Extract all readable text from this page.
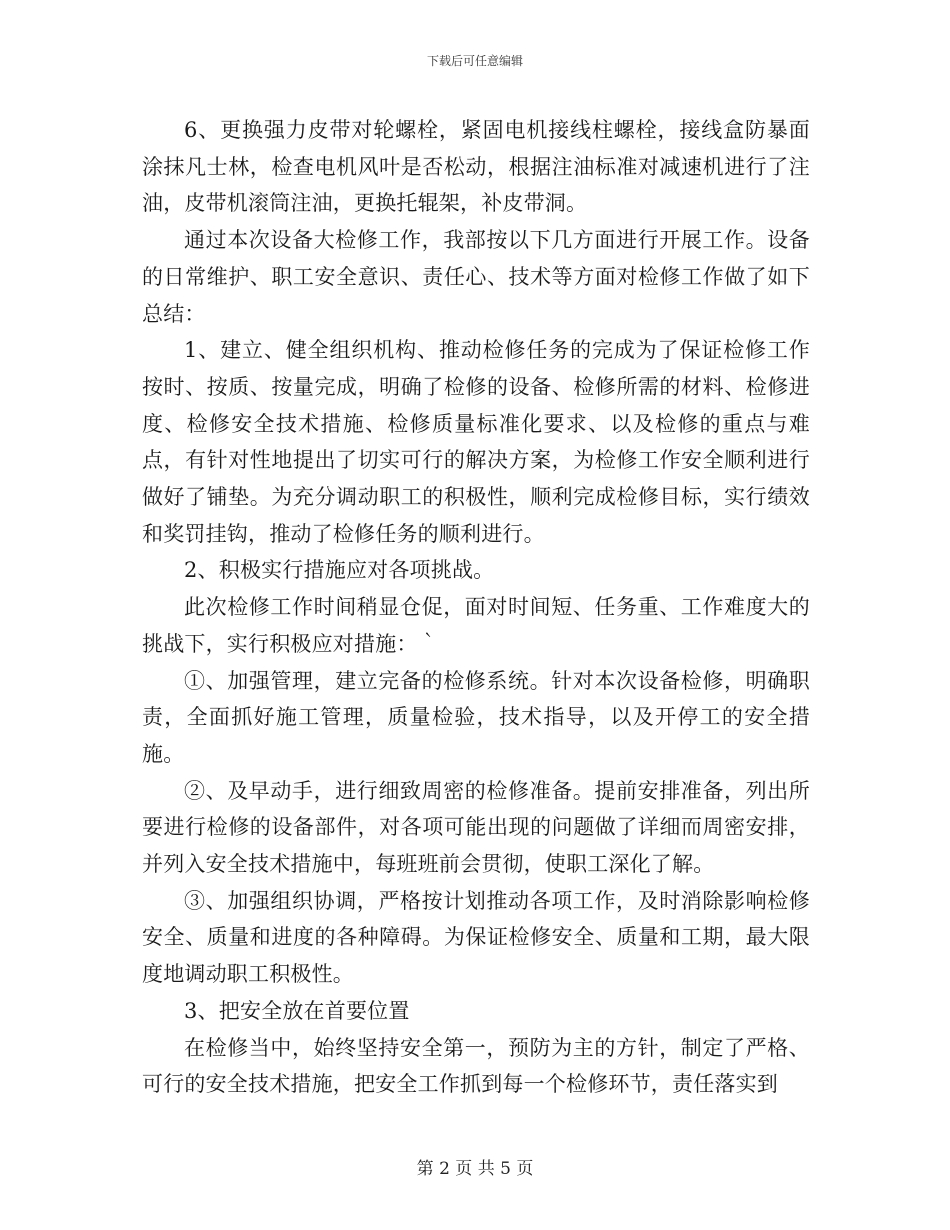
下载后可任意编辑

6、更换强力皮带对轮螺栓，紧固电机接线柱螺栓，接线盒防暴面涂抹凡士林，检查电机风叶是否松动，根据注油标准对减速机进行了注油，皮带机滚筒注油，更换托辊架，补皮带洞。

通过本次设备大检修工作，我部按以下几方面进行开展工作。设备的日常维护、职工安全意识、责任心、技术等方面对检修工作做了如下总结：

1、建立、健全组织机构、推动检修任务的完成为了保证检修工作按时、按质、按量完成，明确了检修的设备、检修所需的材料、检修进度、检修安全技术措施、检修质量标准化要求、以及检修的重点与难点，有针对性地提出了切实可行的解决方案，为检修工作安全顺利进行做好了铺垫。为充分调动职工的积极性，顺利完成检修目标，实行绩效和奖罚挂钩，推动了检修任务的顺利进行。

2、积极实行措施应对各项挑战。

此次检修工作时间稍显仓促，面对时间短、任务重、工作难度大的挑战下，实行积极应对措施：｀

①、加强管理，建立完备的检修系统。针对本次设备检修，明确职责，全面抓好施工管理，质量检验，技术指导，以及开停工的安全措施。

②、及早动手，进行细致周密的检修准备。提前安排准备，列出所要进行检修的设备部件，对各项可能出现的问题做了详细而周密安排，并列入安全技术措施中，每班班前会贯彻，使职工深化了解。

③、加强组织协调，严格按计划推动各项工作，及时消除影响检修安全、质量和进度的各种障碍。为保证检修安全、质量和工期，最大限度地调动职工积极性。

3、把安全放在首要位置

在检修当中，始终坚持安全第一，预防为主的方针，制定了严格、可行的安全技术措施，把安全工作抓到每一个检修环节，责任落实到

第 2 页 共 5 页
